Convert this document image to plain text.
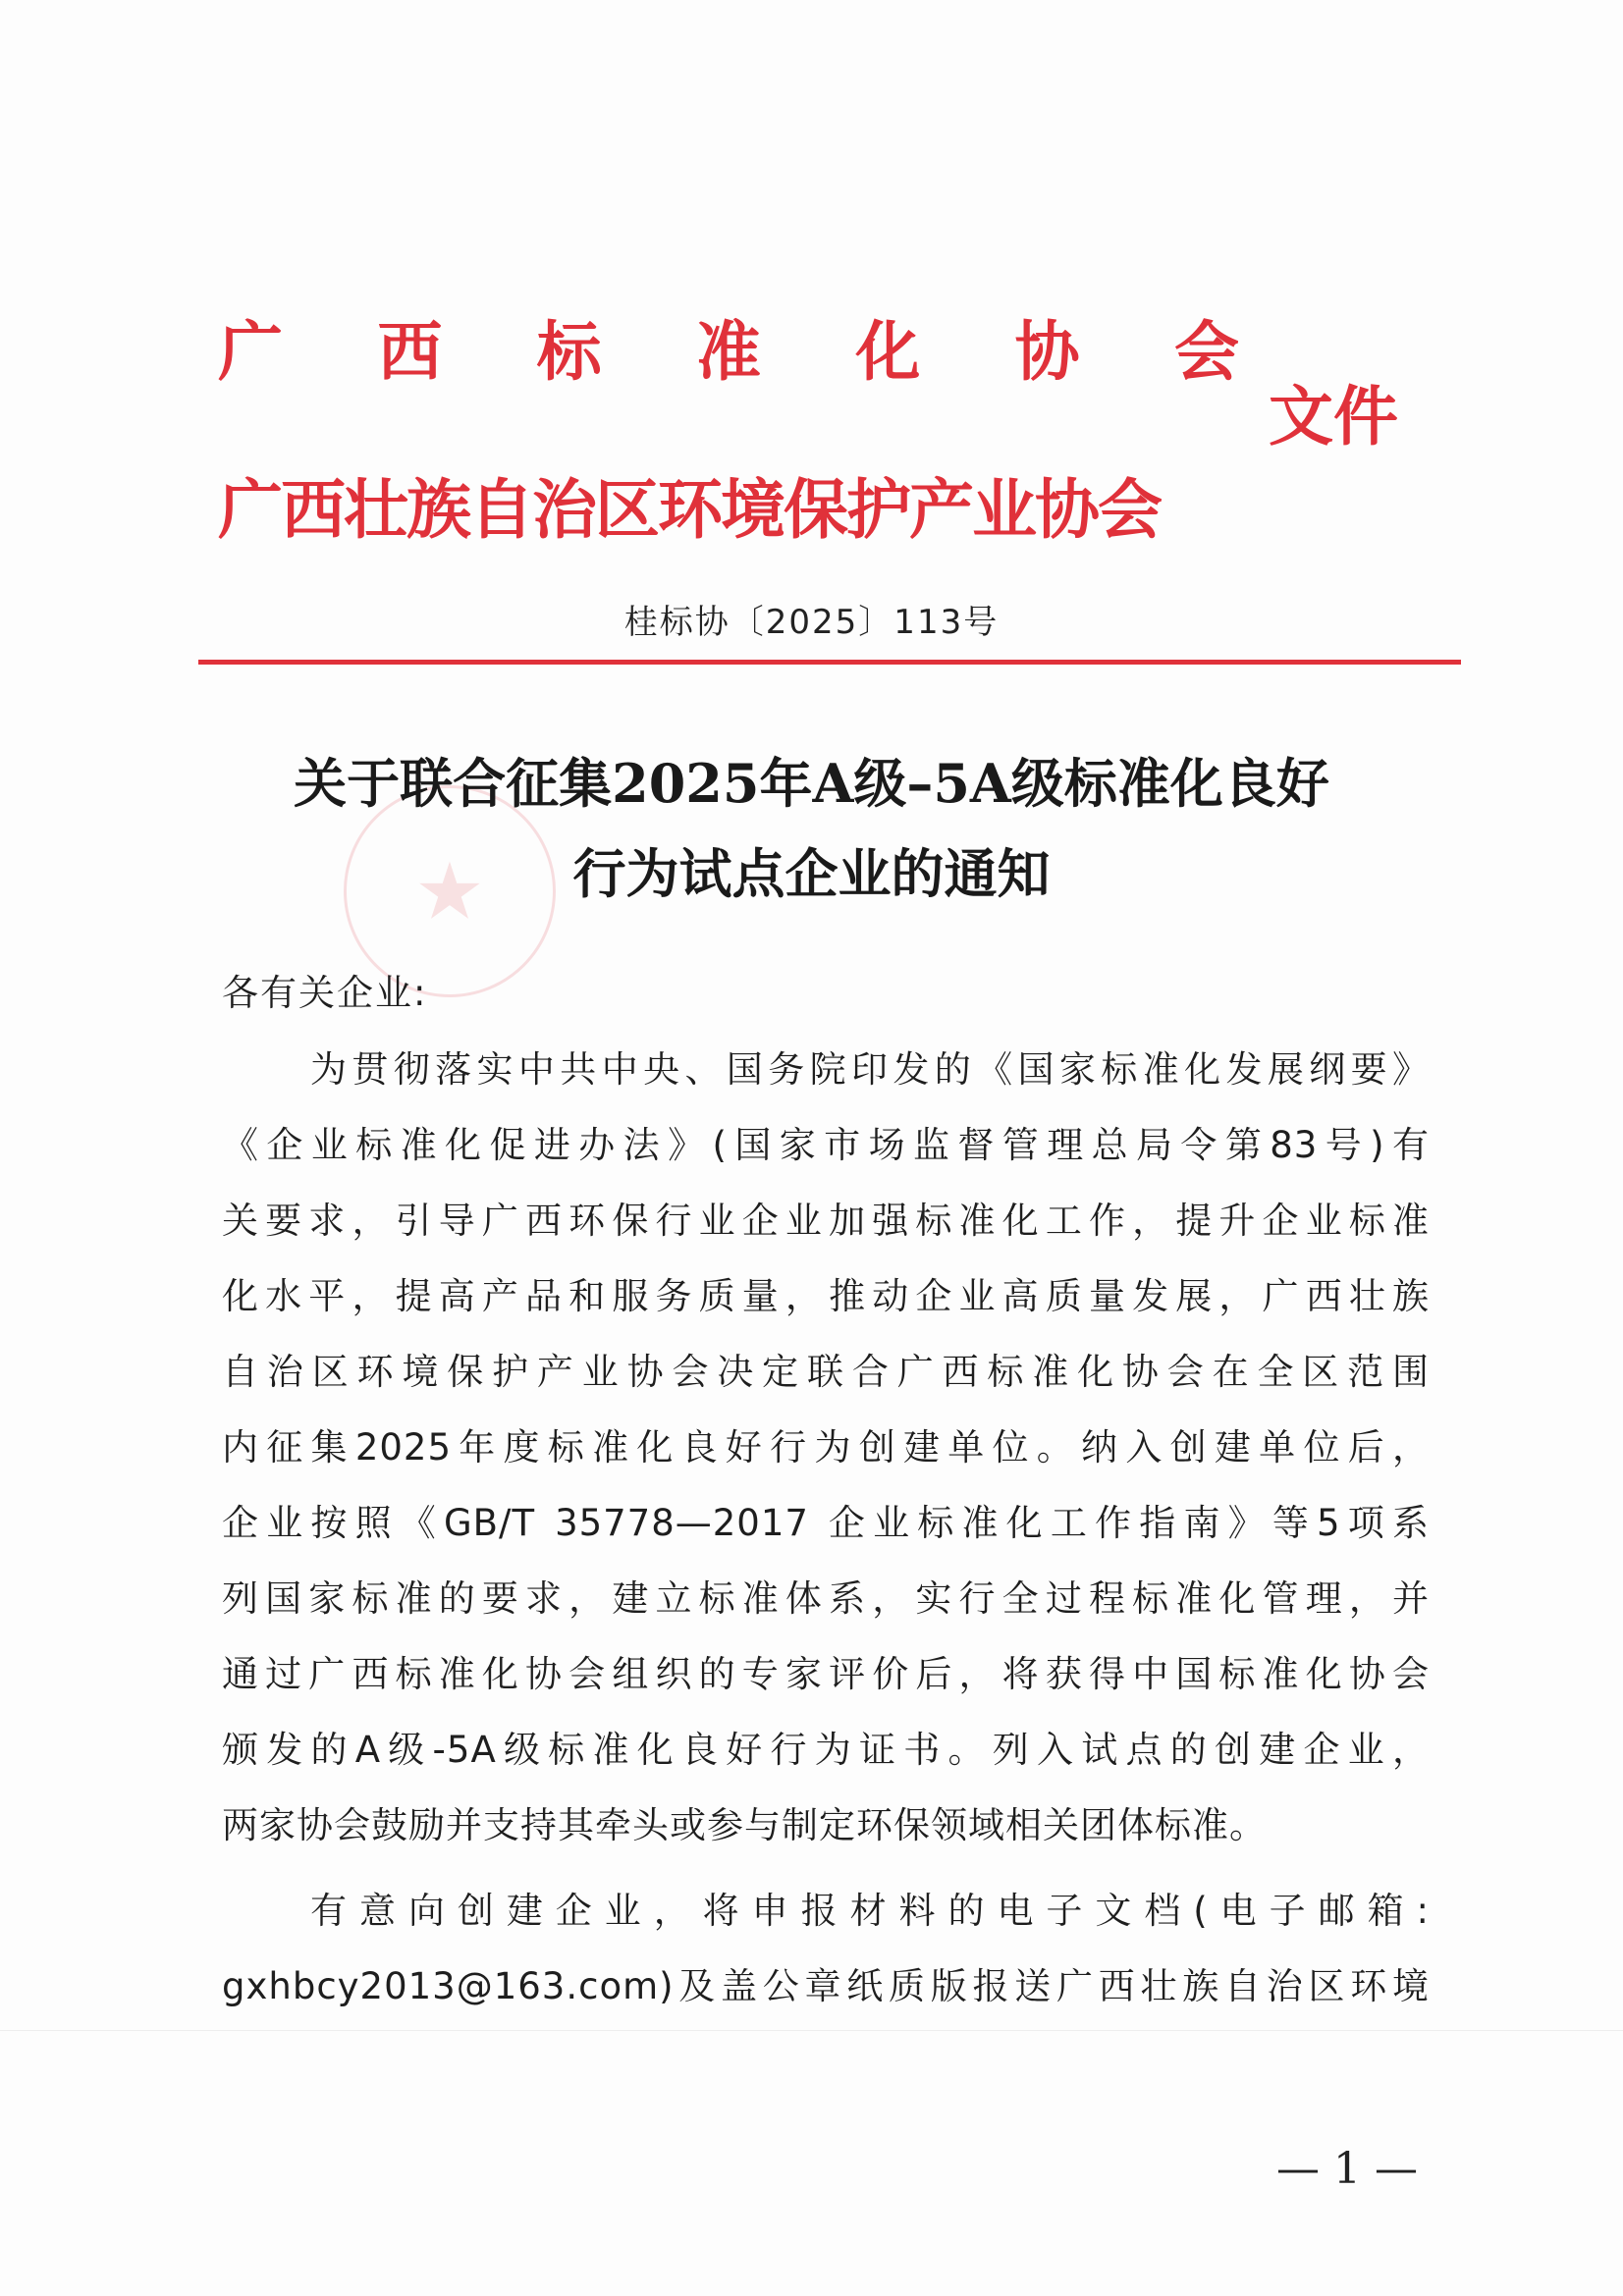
广 西 标 准 化 协 会
文件
广西壮族自治区环境保护产业协会
桂标协〔2025〕113号
★
关于联合征集2025年A级–5A级标准化良好
行为试点企业的通知
各有关企业:
为贯彻落实中共中央、国务院印发的《国家标准化发展纲要》
《企业标准化促进办法》(国家市场监督管理总局令第83号)有
关要求，引导广西环保行业企业加强标准化工作，提升企业标准
化水平，提高产品和服务质量，推动企业高质量发展，广西壮族
自治区环境保护产业协会决定联合广西标准化协会在全区范围
内征集2025年度标准化良好行为创建单位。纳入创建单位后，
企业按照《GB/T 35778—2017 企业标准化工作指南》等5项系
列国家标准的要求，建立标准体系，实行全过程标准化管理，并
通过广西标准化协会组织的专家评价后，将获得中国标准化协会
颁发的A级-5A级标准化良好行为证书。列入试点的创建企业，
两家协会鼓励并支持其牵头或参与制定环保领域相关团体标准。
有意向创建企业，将申报材料的电子文档(电子邮箱:
gxhbcy2013@163.com)及盖公章纸质版报送广西壮族自治区环境
— 1 —
